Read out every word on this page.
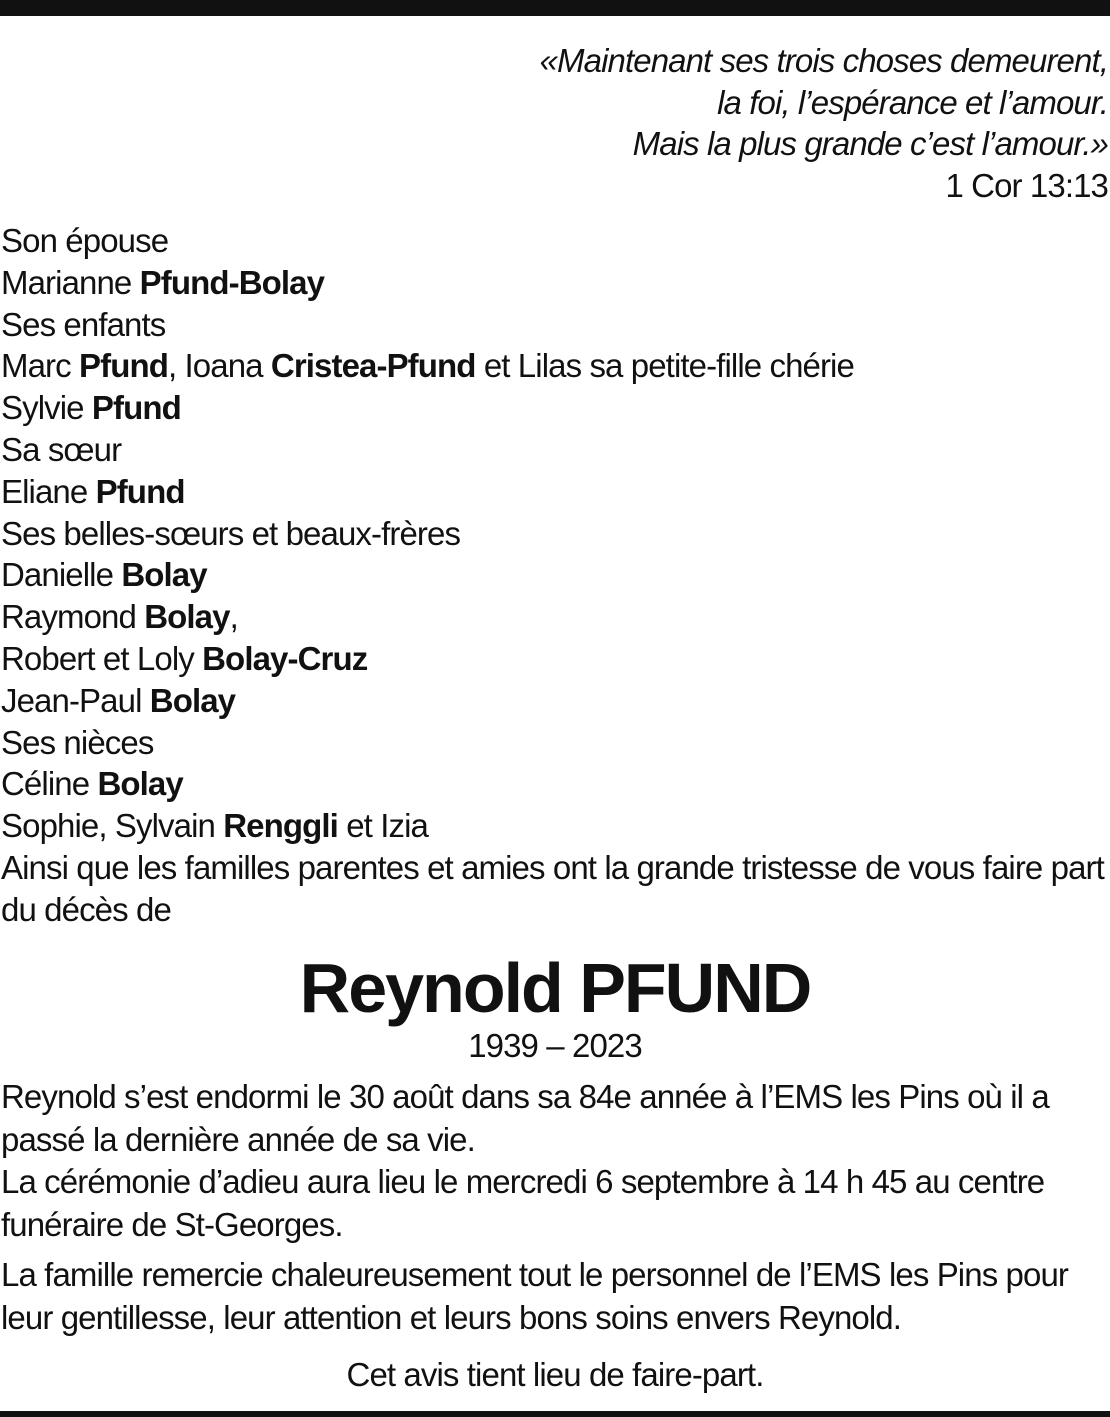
«Maintenant ses trois choses demeurent,
la foi, l’espérance et l’amour.
Mais la plus grande c’est l’amour.»
1 Cor 13:13
Son épouse
Marianne Pfund-Bolay
Ses enfants
Marc Pfund, Ioana Cristea-Pfund et Lilas sa petite-fille chérie
Sylvie Pfund
Sa sœur
Eliane Pfund
Ses belles-sœurs et beaux-frères
Danielle Bolay
Raymond Bolay,
Robert et Loly Bolay-Cruz
Jean-Paul Bolay
Ses nièces
Céline Bolay
Sophie, Sylvain Renggli et Izia
Ainsi que les familles parentes et amies ont la grande tristesse de vous faire part du décès de
Reynold PFUND
1939 – 2023

Reynold s’est endormi le 30 août dans sa 84e année à l’EMS les Pins où il a passé la dernière année de sa vie.

La cérémonie d’adieu aura lieu le mercredi 6 septembre à 14 h 45 au centre funéraire de St-Georges.

La famille remercie chaleureusement tout le personnel de l’EMS les Pins pour leur gentillesse, leur attention et leurs bons soins envers Reynold.

Cet avis tient lieu de faire-part.
